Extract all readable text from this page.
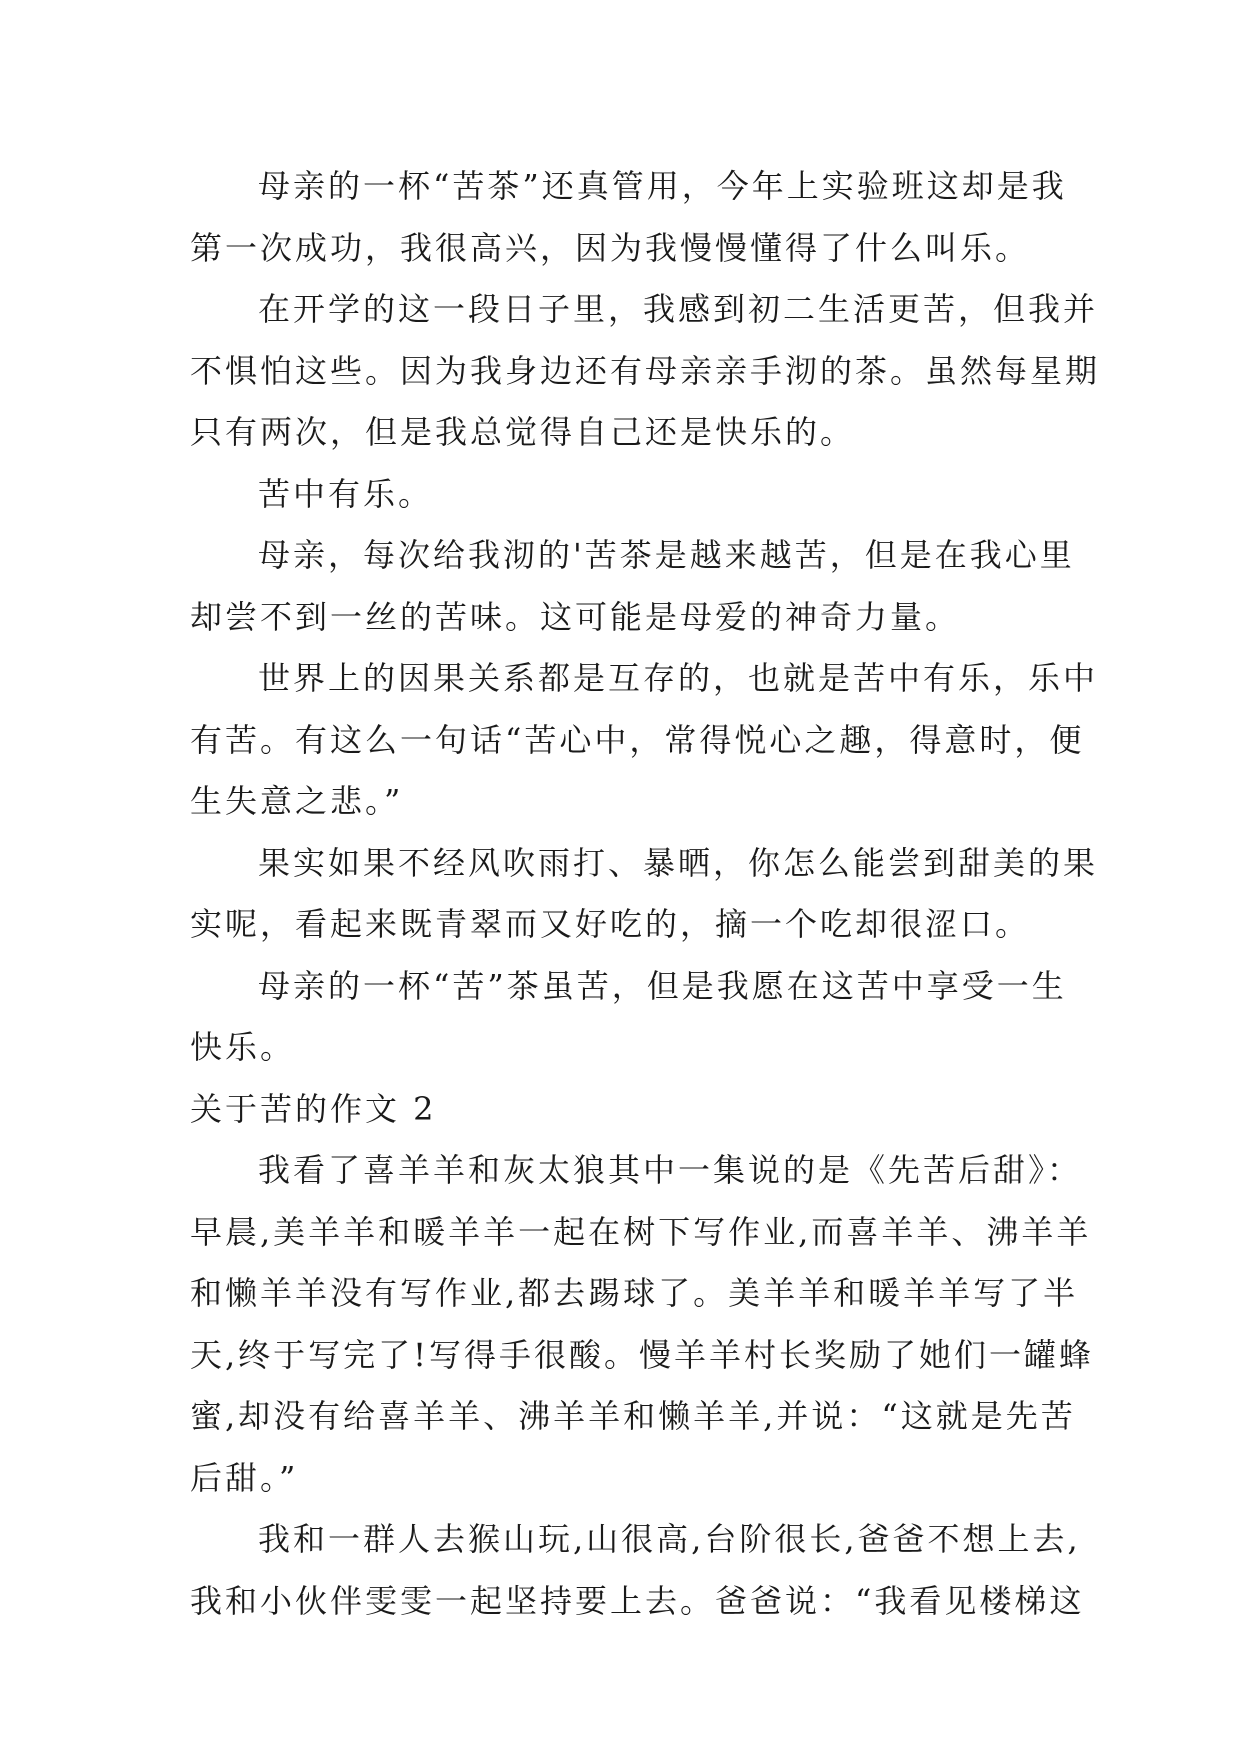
母亲的一杯“苦茶”还真管用，今年上实验班这却是我
第一次成功，我很高兴，因为我慢慢懂得了什么叫乐。
在开学的这一段日子里，我感到初二生活更苦，但我并
不惧怕这些。因为我身边还有母亲亲手沏的茶。虽然每星期
只有两次，但是我总觉得自己还是快乐的。
苦中有乐。
母亲，每次给我沏的'苦茶是越来越苦，但是在我心里
却尝不到一丝的苦味。这可能是母爱的神奇力量。
世界上的因果关系都是互存的，也就是苦中有乐，乐中
有苦。有这么一句话“苦心中，常得悦心之趣，得意时，便
生失意之悲。”
果实如果不经风吹雨打、暴晒，你怎么能尝到甜美的果
实呢，看起来既青翠而又好吃的，摘一个吃却很涩口。
母亲的一杯“苦”茶虽苦，但是我愿在这苦中享受一生
快乐。
关于苦的作文 2
我看了喜羊羊和灰太狼其中一集说的是《先苦后甜》：
早晨,美羊羊和暖羊羊一起在树下写作业,而喜羊羊、沸羊羊
和懒羊羊没有写作业,都去踢球了。美羊羊和暖羊羊写了半
天,终于写完了!写得手很酸。慢羊羊村长奖励了她们一罐蜂
蜜,却没有给喜羊羊、沸羊羊和懒羊羊,并说：“这就是先苦
后甜。”
我和一群人去猴山玩,山很高,台阶很长,爸爸不想上去,
我和小伙伴雯雯一起坚持要上去。爸爸说：“我看见楼梯这
